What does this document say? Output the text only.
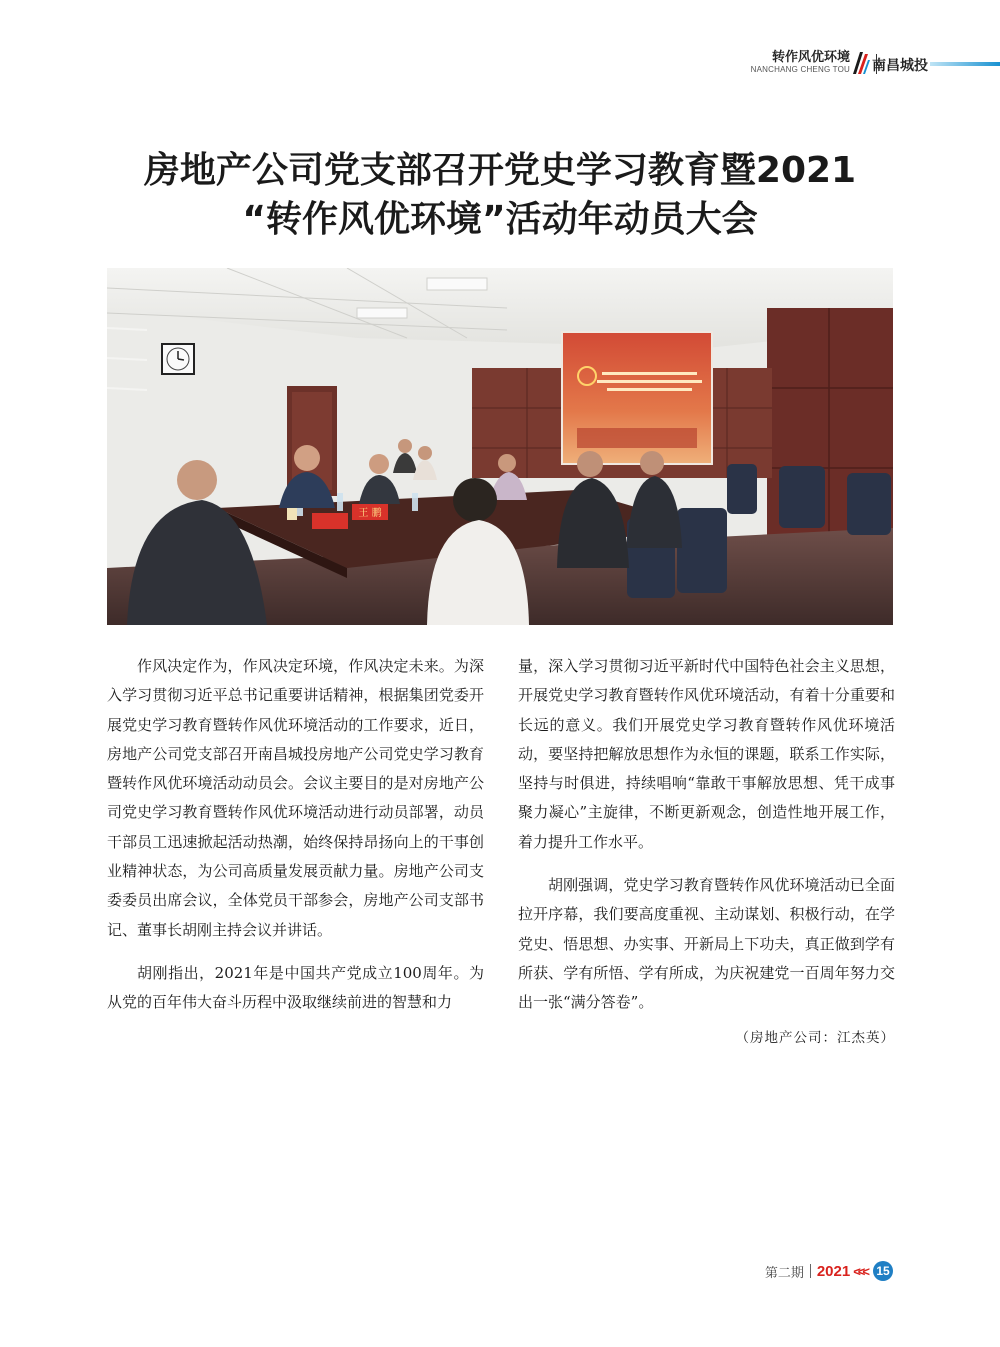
转作风优环境
NANCHANG CHENG TOU 南昌城投
房地产公司党支部召开党史学习教育暨2021
“转作风优环境”活动年动员大会
王 鹏

作风决定作为，作风决定环境，作风决定未来。为深入学习贯彻习近平总书记重要讲话精神，根据集团党委开展党史学习教育暨转作风优环境活动的工作要求，近日，房地产公司党支部召开南昌城投房地产公司党史学习教育暨转作风优环境活动动员会。会议主要目的是对房地产公司党史学习教育暨转作风优环境活动进行动员部署，动员干部员工迅速掀起活动热潮，始终保持昂扬向上的干事创业精神状态，为公司高质量发展贡献力量。房地产公司支委委员出席会议，全体党员干部参会，房地产公司支部书记、董事长胡刚主持会议并讲话。

胡刚指出，2021年是中国共产党成立100周年。为从党的百年伟大奋斗历程中汲取继续前进的智慧和力

量，深入学习贯彻习近平新时代中国特色社会主义思想，开展党史学习教育暨转作风优环境活动，有着十分重要和长远的意义。我们开展党史学习教育暨转作风优环境活动，要坚持把解放思想作为永恒的课题，联系工作实际，坚持与时俱进，持续唱响“靠敢干事解放思想、凭干成事聚力凝心”主旋律，不断更新观念，创造性地开展工作，着力提升工作水平。

胡刚强调，党史学习教育暨转作风优环境活动已全面拉开序幕，我们要高度重视、主动谋划、积极行动，在学党史、悟思想、办实事、开新局上下功夫，真正做到学有所获、学有所悟、学有所成，为庆祝建党一百周年努力交出一张“满分答卷”。

（房地产公司：江杰英）
第二期 2021 <<< 15
